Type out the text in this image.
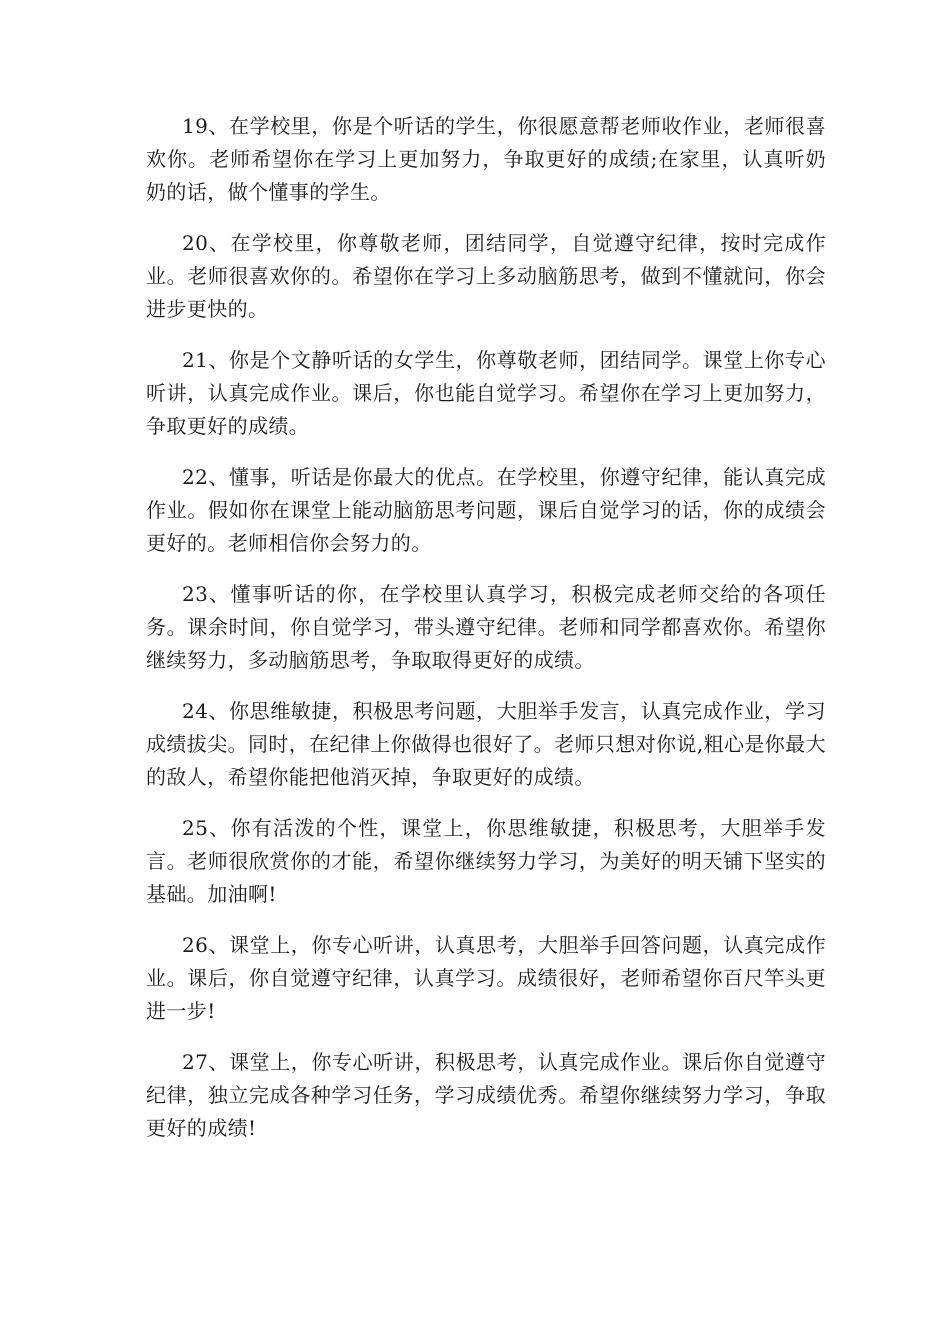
19、在学校里，你是个听话的学生，你很愿意帮老师收作业，老师很喜欢你。老师希望你在学习上更加努力，争取更好的成绩;在家里，认真听奶奶的话，做个懂事的学生。

20、在学校里，你尊敬老师，团结同学，自觉遵守纪律，按时完成作业。老师很喜欢你的。希望你在学习上多动脑筋思考，做到不懂就问，你会进步更快的。

21、你是个文静听话的女学生，你尊敬老师，团结同学。课堂上你专心听讲，认真完成作业。课后，你也能自觉学习。希望你在学习上更加努力，争取更好的成绩。

22、懂事，听话是你最大的优点。在学校里，你遵守纪律，能认真完成作业。假如你在课堂上能动脑筋思考问题，课后自觉学习的话，你的成绩会更好的。老师相信你会努力的。

23、懂事听话的你，在学校里认真学习，积极完成老师交给的各项任务。课余时间，你自觉学习，带头遵守纪律。老师和同学都喜欢你。希望你继续努力，多动脑筋思考，争取取得更好的成绩。

24、你思维敏捷，积极思考问题，大胆举手发言，认真完成作业，学习成绩拔尖。同时，在纪律上你做得也很好了。老师只想对你说,粗心是你最大的敌人，希望你能把他消灭掉，争取更好的成绩。

25、你有活泼的个性，课堂上，你思维敏捷，积极思考，大胆举手发言。老师很欣赏你的才能，希望你继续努力学习，为美好的明天铺下坚实的基础。加油啊!

26、课堂上，你专心听讲，认真思考，大胆举手回答问题，认真完成作业。课后，你自觉遵守纪律，认真学习。成绩很好，老师希望你百尺竿头更进一步!

27、课堂上，你专心听讲，积极思考，认真完成作业。课后你自觉遵守纪律，独立完成各种学习任务，学习成绩优秀。希望你继续努力学习，争取更好的成绩!
